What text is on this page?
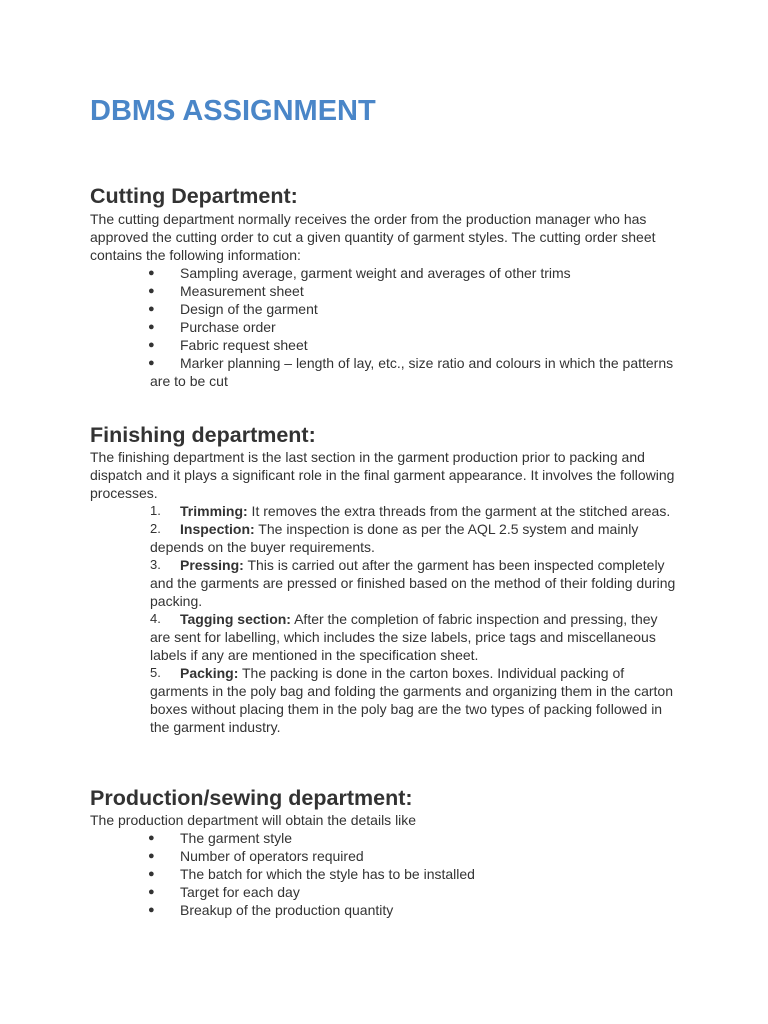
DBMS ASSIGNMENT
Cutting Department:

The cutting department normally receives the order from the production manager who has approved the cutting order to cut a given quantity of garment styles. The cutting order sheet contains the following information:

● Sampling average, garment weight and averages of other trims
● Measurement sheet
● Design of the garment
● Purchase order
● Fabric request sheet
● Marker planning – length of lay, etc., size ratio and colours in which the patterns are to be cut
Finishing department:

The finishing department is the last section in the garment production prior to packing and dispatch and it plays a significant role in the final garment appearance. It involves the following processes.

1.	Trimming: It removes the extra threads from the garment at the stitched areas.
2.	Inspection: The inspection is done as per the AQL 2.5 system and mainly depends on the buyer requirements.
3.	Pressing: This is carried out after the garment has been inspected completely and the garments are pressed or finished based on the method of their folding during packing.
4.	Tagging section: After the completion of fabric inspection and pressing, they are sent for labelling, which includes the size labels, price tags and miscellaneous labels if any are mentioned in the specification sheet.
5.	Packing: The packing is done in the carton boxes. Individual packing of garments in the poly bag and folding the garments and organizing them in the carton boxes without placing them in the poly bag are the two types of packing followed in the garment industry.
Production/sewing department:

The production department will obtain the details like

● The garment style
● Number of operators required
● The batch for which the style has to be installed
● Target for each day
● Breakup of the production quantity
